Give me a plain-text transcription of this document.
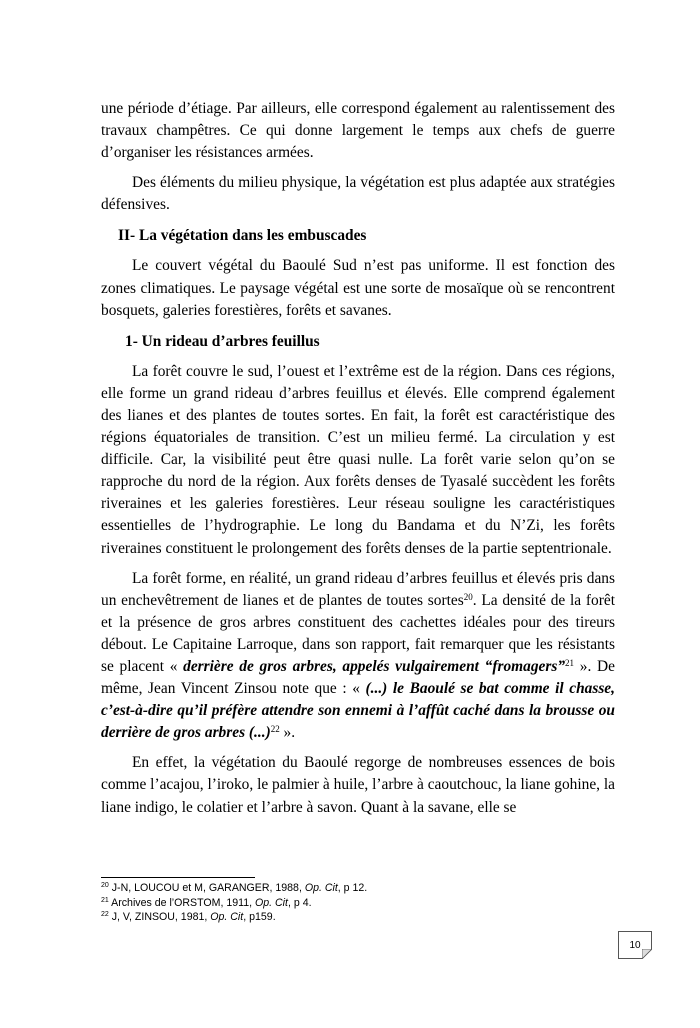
une période d’étiage. Par ailleurs, elle correspond également au ralentissement des travaux champêtres. Ce qui donne largement le temps aux chefs de guerre d’organiser les résistances armées.

Des éléments du milieu physique, la végétation est plus adaptée aux stratégies défensives.

II- La végétation dans les embuscades

Le couvert végétal du Baoulé Sud n’est pas uniforme. Il est fonction des zones climatiques. Le paysage végétal est une sorte de mosaïque où se rencontrent bosquets, galeries forestières, forêts et savanes.

1- Un rideau d’arbres feuillus

La forêt couvre le sud, l’ouest et l’extrême est de la région. Dans ces régions, elle forme un grand rideau d’arbres feuillus et élevés. Elle comprend également des lianes et des plantes de toutes sortes. En fait, la forêt est caractéristique des régions équatoriales de transition. C’est un milieu fermé. La circulation y est difficile. Car, la visibilité peut être quasi nulle. La forêt varie selon qu’on se rapproche du nord de la région. Aux forêts denses de Tyasalé succèdent les forêts riveraines et les galeries forestières. Leur réseau souligne les caractéristiques essentielles de l’hydrographie. Le long du Bandama et du N’Zi, les forêts riveraines constituent le prolongement des forêts denses de la partie septentrionale.

La forêt forme, en réalité, un grand rideau d’arbres feuillus et élevés pris dans un enchevêtrement de lianes et de plantes de toutes sortes$^{20}$. La densité de la forêt et la présence de gros arbres constituent des cachettes idéales pour des tireurs débout. Le Capitaine Larroque, dans son rapport, fait remarquer que les résistants se placent « derrière de gros arbres, appelés vulgairement “fromagers”$^{21}$ ». De même, Jean Vincent Zinsou note que : « (...) le Baoulé se bat comme il chasse, c’est-à-dire qu’il préfère attendre son ennemi à l’affût caché dans la brousse ou derrière de gros arbres (...)$^{22}$ ».

En effet, la végétation du Baoulé regorge de nombreuses essences de bois comme l’acajou, l’iroko, le palmier à huile, l’arbre à caoutchouc, la liane gohine, la liane indigo, le colatier et l’arbre à savon. Quant à la savane, elle se

$^{20}$ J-N, LOUCOU et M, GARANGER, 1988, Op. Cit, p 12.
$^{21}$ Archives de l’ORSTOM, 1911, Op. Cit, p 4.
$^{22}$ J, V, ZINSOU, 1981, Op. Cit, p159.
10
